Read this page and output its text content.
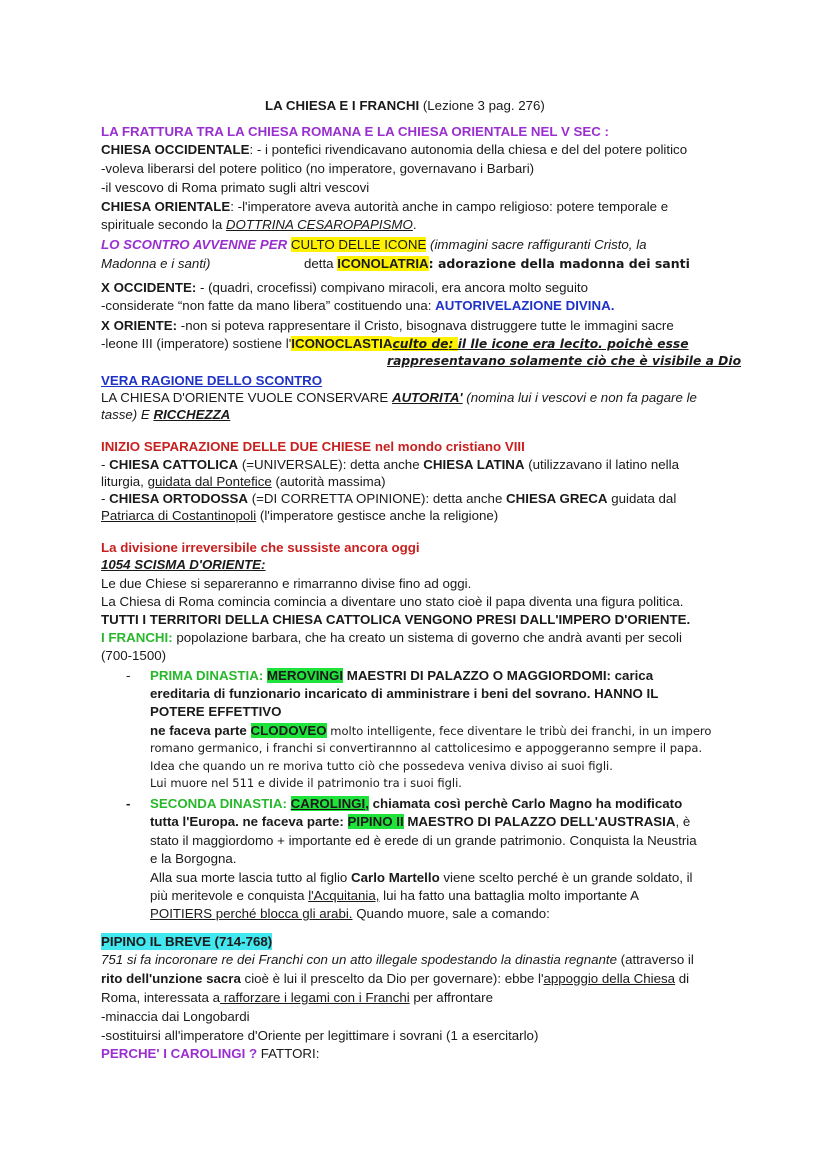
LA CHIESA E I FRANCHI (Lezione 3 pag. 276)
LA FRATTURA TRA LA CHIESA ROMANA E LA CHIESA ORIENTALE NEL V SEC :
CHIESA OCCIDENTALE: - i pontefici rivendicavano autonomia della chiesa e del del potere politico
-voleva liberarsi del potere politico (no imperatore, governavano i Barbari)
-il vescovo di Roma primato sugli altri vescovi
CHIESA ORIENTALE: -l'imperatore aveva autorità anche in campo religioso: potere temporale e
spirituale secondo la DOTTRINA CESAROPAPISMO.
LO SCONTRO AVVENNE PER CULTO DELLE ICONE (immagini sacre raffiguranti Cristo, la
Madonna e i santi)	detta ICONOLATRIA: adorazione della madonna dei santi
X OCCIDENTE: - (quadri, crocefissi) compivano miracoli, era ancora molto seguito
-considerate “non fatte da mano libera” costituendo una: AUTORIVELAZIONE DIVINA.
X ORIENTE: -non si poteva rappresentare il Cristo, bisognava distruggere tutte le immagini sacre
-leone III (imperatore) sostiene l'ICONOCLASTIAculto de: il lle icone era lecito. poichè esse
rappresentavano solamente ciò che è visibile a Dio
VERA RAGIONE DELLO SCONTRO
LA CHIESA D'ORIENTE VUOLE CONSERVARE AUTORITA' (nomina lui i vescovi e non fa pagare le
tasse) E RICCHEZZA
INIZIO SEPARAZIONE DELLE DUE CHIESE nel mondo cristiano VIII
- CHIESA CATTOLICA (=UNIVERSALE): detta anche CHIESA LATINA (utilizzavano il latino nella
liturgia, guidata dal Pontefice (autorità massima)
- CHIESA ORTODOSSA (=DI CORRETTA OPINIONE): detta anche CHIESA GRECA guidata dal
Patriarca di Costantinopoli (l'imperatore gestisce anche la religione)
La divisione irreversibile che sussiste ancora oggi
1054 SCISMA D'ORIENTE:
Le due Chiese si separeranno e rimarranno divise fino ad oggi.
La Chiesa di Roma comincia comincia a diventare uno stato cioè il papa diventa una figura politica.
TUTTI I TERRITORI DELLA CHIESA CATTOLICA VENGONO PRESI DALL'IMPERO D'ORIENTE.
I FRANCHI: popolazione barbara, che ha creato un sistema di governo che andrà avanti per secoli
(700-1500)
- PRIMA DINASTIA: MEROVINGI MAESTRI DI PALAZZO O MAGGIORDOMI: carica
ereditaria di funzionario incaricato di amministrare i beni del sovrano. HANNO IL
POTERE EFFETTIVO
ne faceva parte CLODOVEO molto intelligente, fece diventare le tribù dei franchi, in un impero
romano germanico, i franchi si convertirannno al cattolicesimo e appoggeranno sempre il papa.
Idea che quando un re moriva tutto ciò che possedeva veniva diviso ai suoi figli.
Lui muore nel 511 e divide il patrimonio tra i suoi figli.
- SECONDA DINASTIA: CAROLINGI, chiamata così perchè Carlo Magno ha modificato
tutta l'Europa. ne faceva parte: PIPINO II MAESTRO DI PALAZZO DELL'AUSTRASIA, è
stato il maggiordomo + importante ed è erede di un grande patrimonio. Conquista la Neustria
e la Borgogna.
Alla sua morte lascia tutto al figlio Carlo Martello viene scelto perché è un grande soldato, il
più meritevole e conquista l'Acquitania, lui ha fatto una battaglia molto importante A
POITIERS perché blocca gli arabi. Quando muore, sale a comando:
PIPINO IL BREVE (714-768)
751 si fa incoronare re dei Franchi con un atto illegale spodestando la dinastia regnante (attraverso il
rito dell'unzione sacra cioè è lui il prescelto da Dio per governare): ebbe l'appoggio della Chiesa di
Roma, interessata a rafforzare i legami con i Franchi per affrontare
-minaccia dai Longobardi
-sostituirsi all'imperatore d'Oriente per legittimare i sovrani (1 a esercitarlo)
PERCHE' I CAROLINGI ? FATTORI:
